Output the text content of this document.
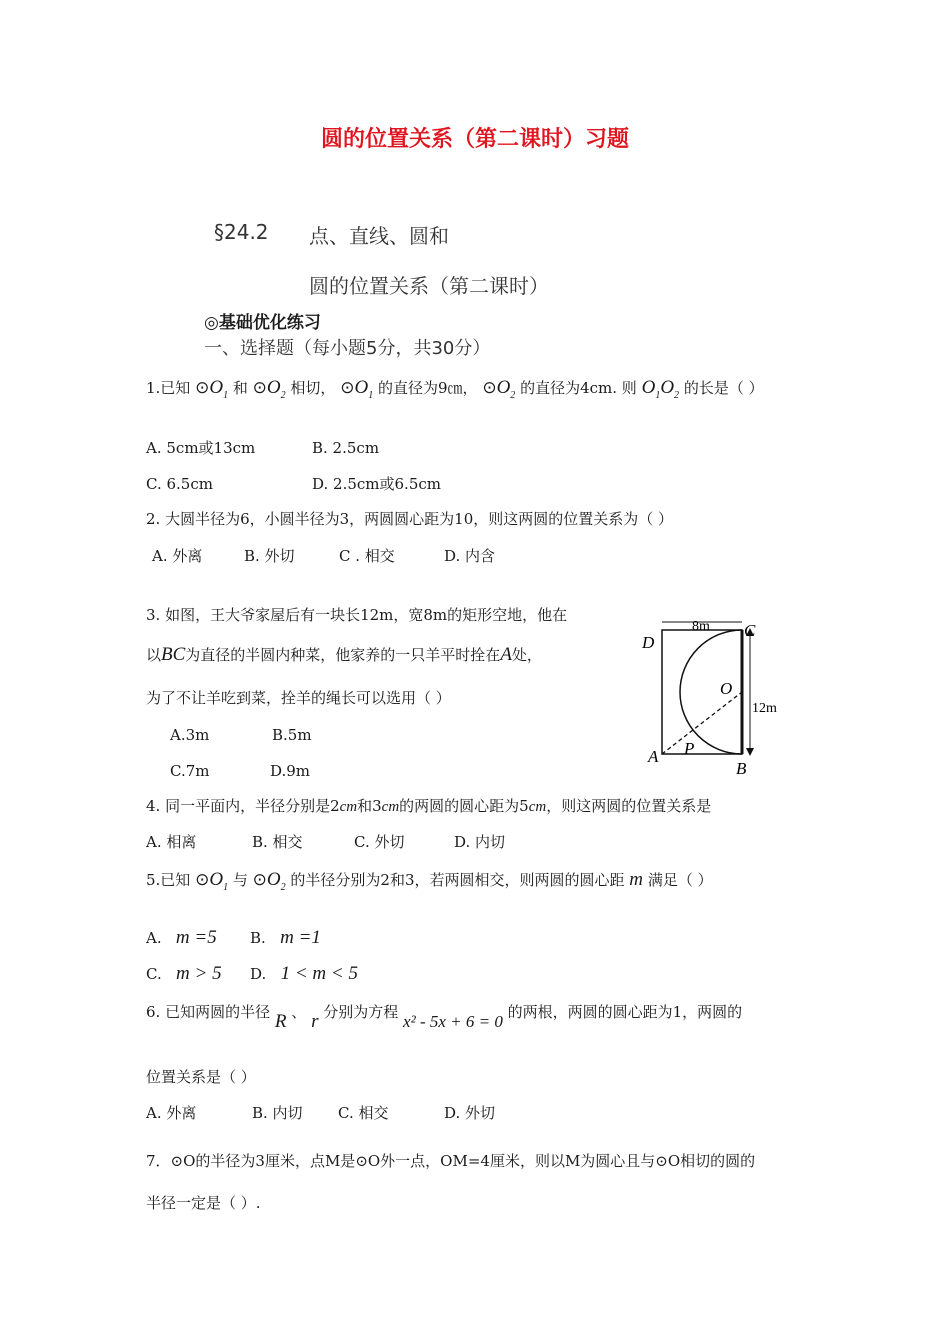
圆的位置关系（第二课时）习题
§24.2 点、直线、圆和
圆的位置关系（第二课时）
◎基础优化练习
一、选择题（每小题5分，共30分）
1.已知 $⊙O_1$ 和 $⊙O_2$ 相切， $⊙O_1$ 的直径为9㎝， $⊙O_2$ 的直径为4cm. 则 $O_1O_2$ 的长是（ ）
A. 5cm或13cm	B. 2.5cm
C. 6.5cm	D. 2.5cm或6.5cm
2. 大圆半径为6，小圆半径为3，两圆圆心距为10，则这两圆的位置关系为（ ）
A. 外离	B. 外切	C . 相交	D. 内含
3. 如图，王大爷家屋后有一块长12m，宽8m的矩形空地，他在
以BC为直径的半圆内种菜，他家养的一只羊平时拴在A处，
为了不让羊吃到菜，拴羊的绳长可以选用（ ）
A.3m	B.5m
C.7m	D.9m
8m
12m
D
C
O
P
A
B
4. 同一平面内，半径分别是2cm和3cm的两圆的圆心距为5cm，则这两圆的位置关系是
A. 相离	B. 相交	C. 外切	D. 内切
5.已知 $⊙O_1$ 与 $⊙O_2$ 的半径分别为2和3，若两圆相交，则两圆的圆心距 m 满足（ ）
A. m =5 B. m =1
C. m > 5 D. 1 < m < 5
6. 已知两圆的半径 R 、 r 分别为方程 x² - 5x + 6 = 0 的两根，两圆的圆心距为1，两圆的
位置关系是（ ）
A. 外离	B. 内切 C. 相交	D. 外切
7．⊙O的半径为3厘米，点M是⊙O外一点，OM=4厘米，则以M为圆心且与⊙O相切的圆的
半径一定是（ ）.
